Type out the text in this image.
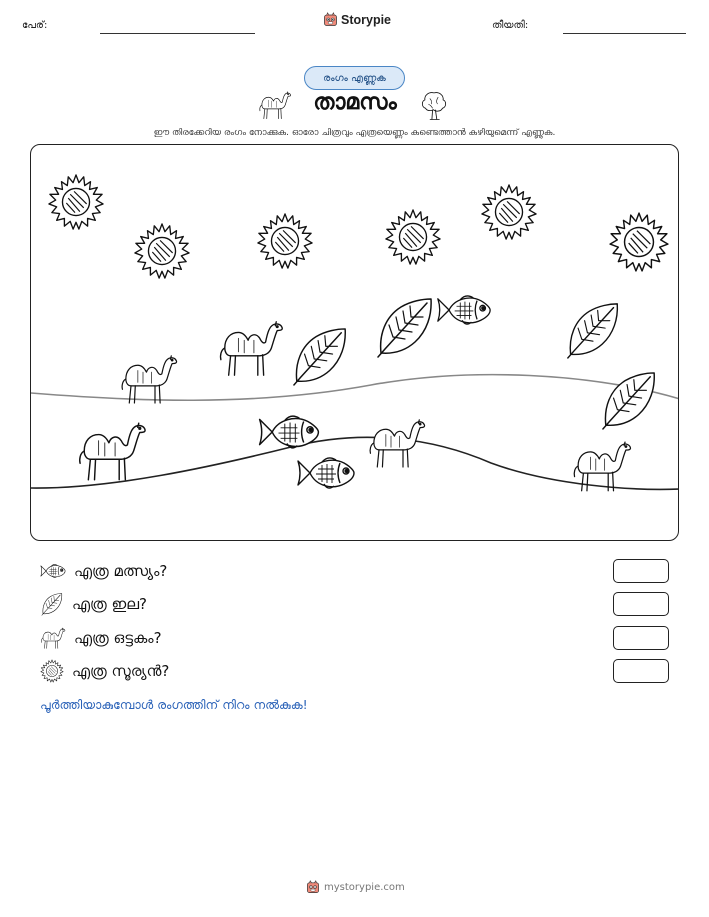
പേര്:	Storypie	തീയതി:
രംഗം എണ്ണുക
താമസം
ഈ തിരക്കേറിയ രംഗം നോക്കുക. ഓരോ ചിത്രവും എത്രയെണ്ണം കണ്ടെത്താൻ കഴിയുമെന്ന് എണ്ണുക.
എത്ര മത്സ്യം?
എത്ര ഇല?
എത്ര ഒട്ടകം?
എത്ര സൂര്യൻ?
പൂർത്തിയാകുമ്പോൾ രംഗത്തിന് നിറം നൽകുക!
mystorypie.com
